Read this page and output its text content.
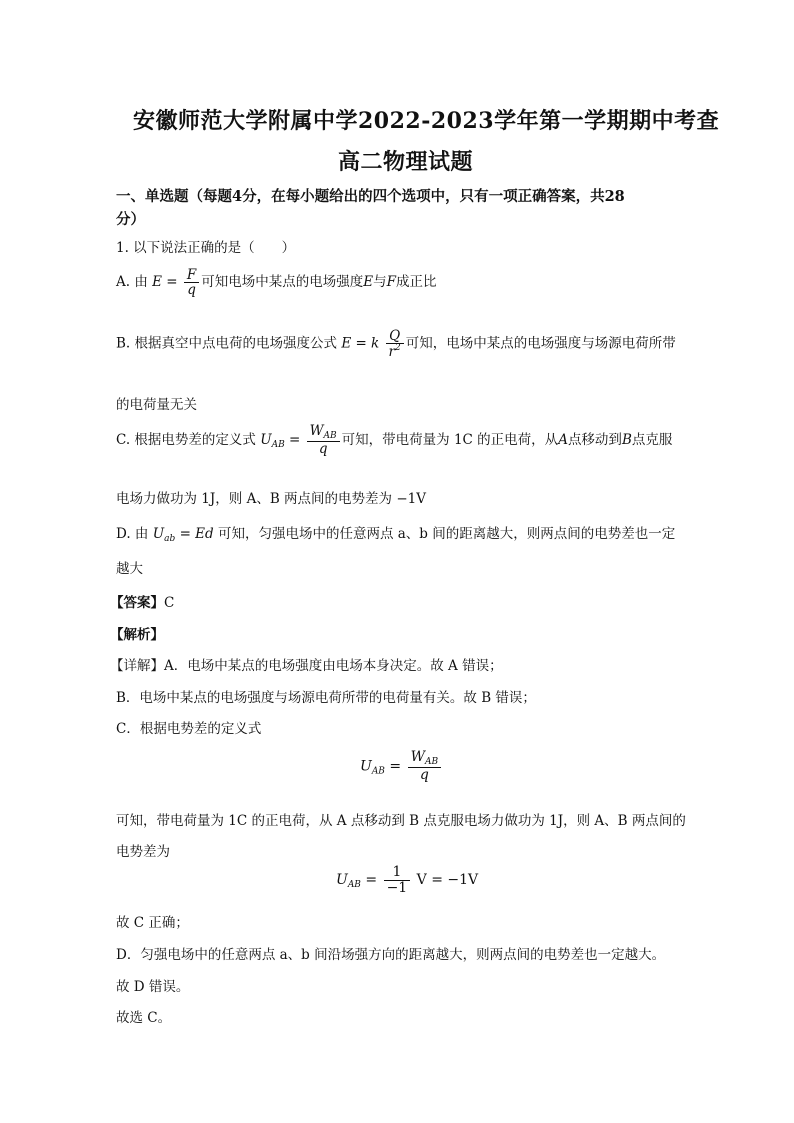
安徽师范大学附属中学2022-2023学年第一学期期中考查
高二物理试题
一、单选题（每题4分，在每小题给出的四个选项中，只有一项正确答案，共28
分）
1. 以下说法正确的是（　　）
A. 由 $E = \frac{F}{q}$ 可知电场中某点的电场强度E与F成正比
B. 根据真空中点电荷的电场强度公式 E = k $\frac{Q}{r^2}$ 可知，电场中某点的电场强度与场源电荷所带
的电荷量无关
C. 根据电势差的定义式 $U_{AB} = \frac{W_{AB}}{q}$ 可知，带电荷量为 1C 的正电荷，从A点移动到B点克服
电场力做功为 1J，则 A、B 两点间的电势差为 −1V
D. 由 $U_{ab} = Ed$ 可知，匀强电场中的任意两点 a、b 间的距离越大，则两点间的电势差也一定
越大
【答案】C
【解析】
【详解】A．电场中某点的电场强度由电场本身决定。故 A 错误；
B．电场中某点的电场强度与场源电荷所带的电荷量有关。故 B 错误；
C．根据电势差的定义式
$U_{AB} = \frac{W_{AB}}{q}$
可知，带电荷量为 1C 的正电荷，从 A 点移动到 B 点克服电场力做功为 1J，则 A、B 两点间的
电势差为
$U_{AB} = \frac{1}{-1}$ V = −1V
故 C 正确；
D．匀强电场中的任意两点 a、b 间沿场强方向的距离越大，则两点间的电势差也一定越大。
故 D 错误。
故选 C。
